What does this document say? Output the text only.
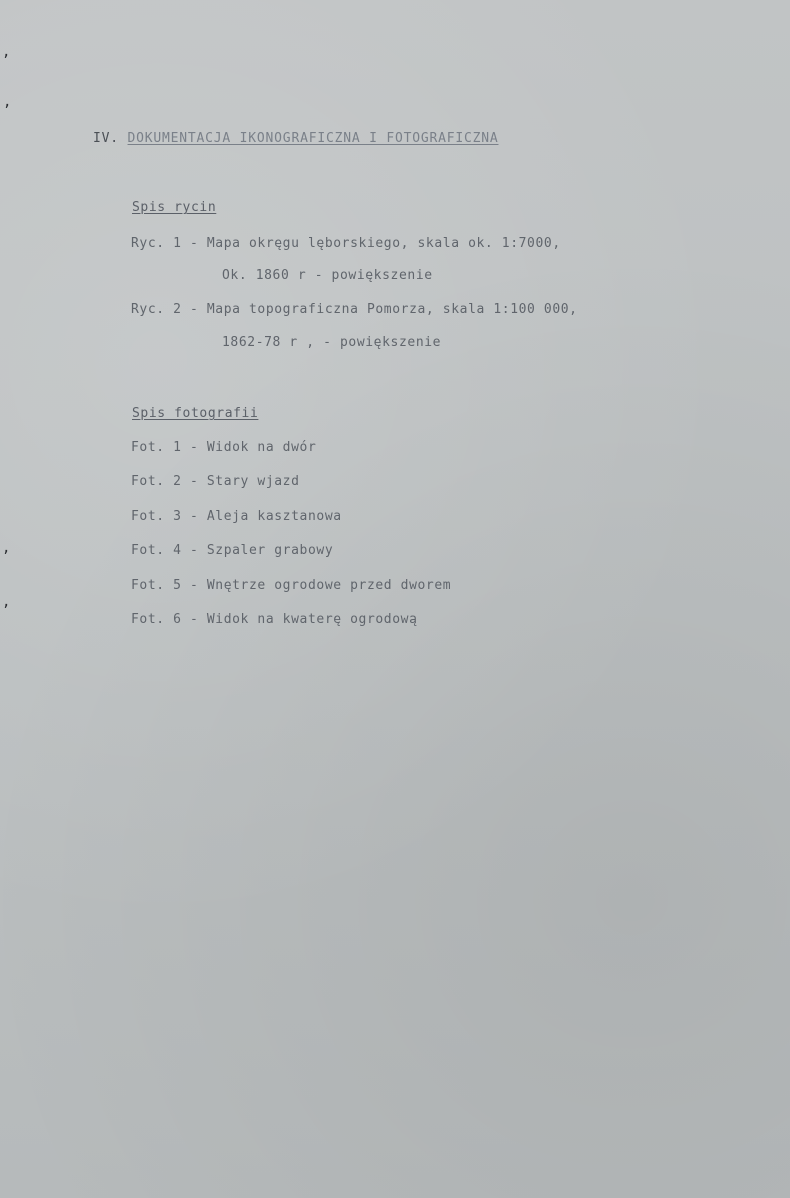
,
,
,
,
IV. DOKUMENTACJA IKONOGRAFICZNA I FOTOGRAFICZNA
Spis rycin
Ryc. 1 - Mapa okręgu lęborskiego, skala ok. 1:7000,
Ok. 1860 r - powiększenie
Ryc. 2 - Mapa topograficzna Pomorza, skala 1:100 000,
1862-78 r , - powiększenie
Spis fotografii
Fot. 1 - Widok na dwór
Fot. 2 - Stary wjazd
Fot. 3 - Aleja kasztanowa
Fot. 4 - Szpaler grabowy
Fot. 5 - Wnętrze ogrodowe przed dworem
Fot. 6 - Widok na kwaterę ogrodową
